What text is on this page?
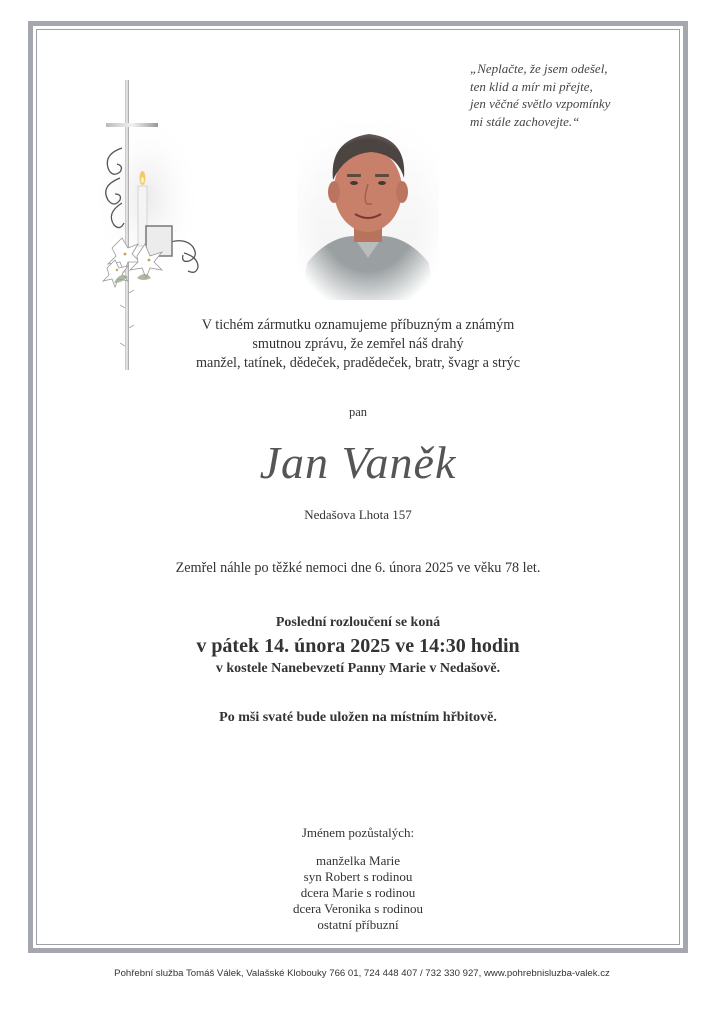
„Neplačte, že jsem odešel,
ten klid a mír mi přejte,
jen věčné světlo vzpomínky
mi stále zachovejte.“
V tichém zármutku oznamujeme příbuzným a známým
smutnou zprávu, že zemřel náš drahý
manžel, tatínek, dědeček, pradědeček, bratr, švagr a strýc
pan
Jan Vaněk
Nedašova Lhota 157
Zemřel náhle po těžké nemoci dne 6. února 2025 ve věku 78 let.
Poslední rozloučení se koná
v pátek 14. února 2025 ve 14:30 hodin
v kostele Nanebevzetí Panny Marie v Nedašově.
Po mši svaté bude uložen na místním hřbitově.
Jménem pozůstalých:
manželka Marie
syn Robert s rodinou
dcera Marie s rodinou
dcera Veronika s rodinou
ostatní příbuzní
Pohřební služba Tomáš Válek, Valašské Klobouky 766 01, 724 448 407 / 732 330 927, www.pohrebnisluzba-valek.cz
